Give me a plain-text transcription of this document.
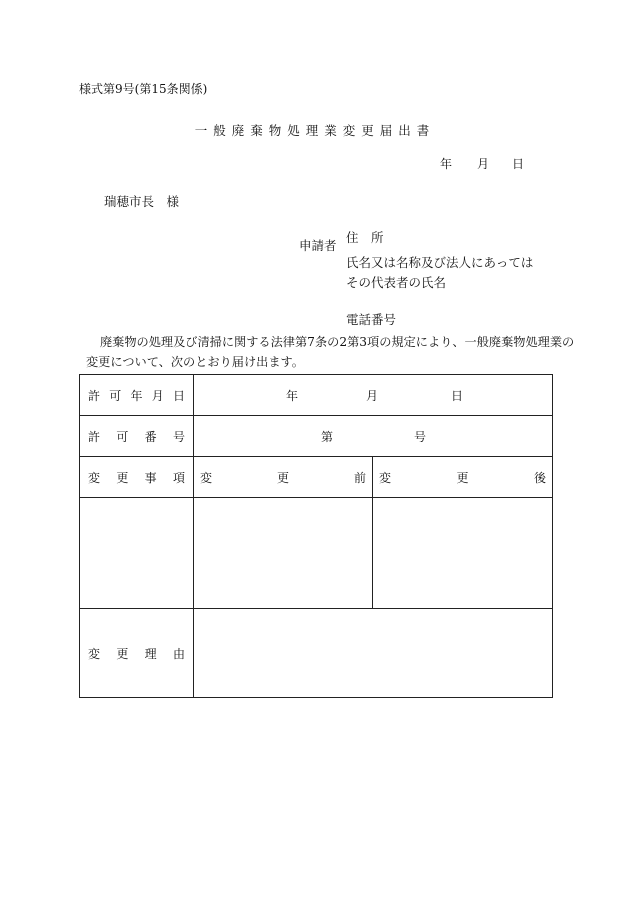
様式第9号(第15条関係)
一般廃棄物処理業変更届出書
年 月 日
瑞穂市長　様
申請者
住　所
氏名又は名称及び法人にあっては
その代表者の氏名
電話番号
廃棄物の処理及び清掃に関する法律第7条の2第3項の規定により、一般廃棄物処理業の
変更について、次のとおり届け出ます。
許 可 年 月 日	年 月 日	

許 可 番 号	第 号	

変 更 事 項	変 更 前	変 更 後

変 更 理 由		
